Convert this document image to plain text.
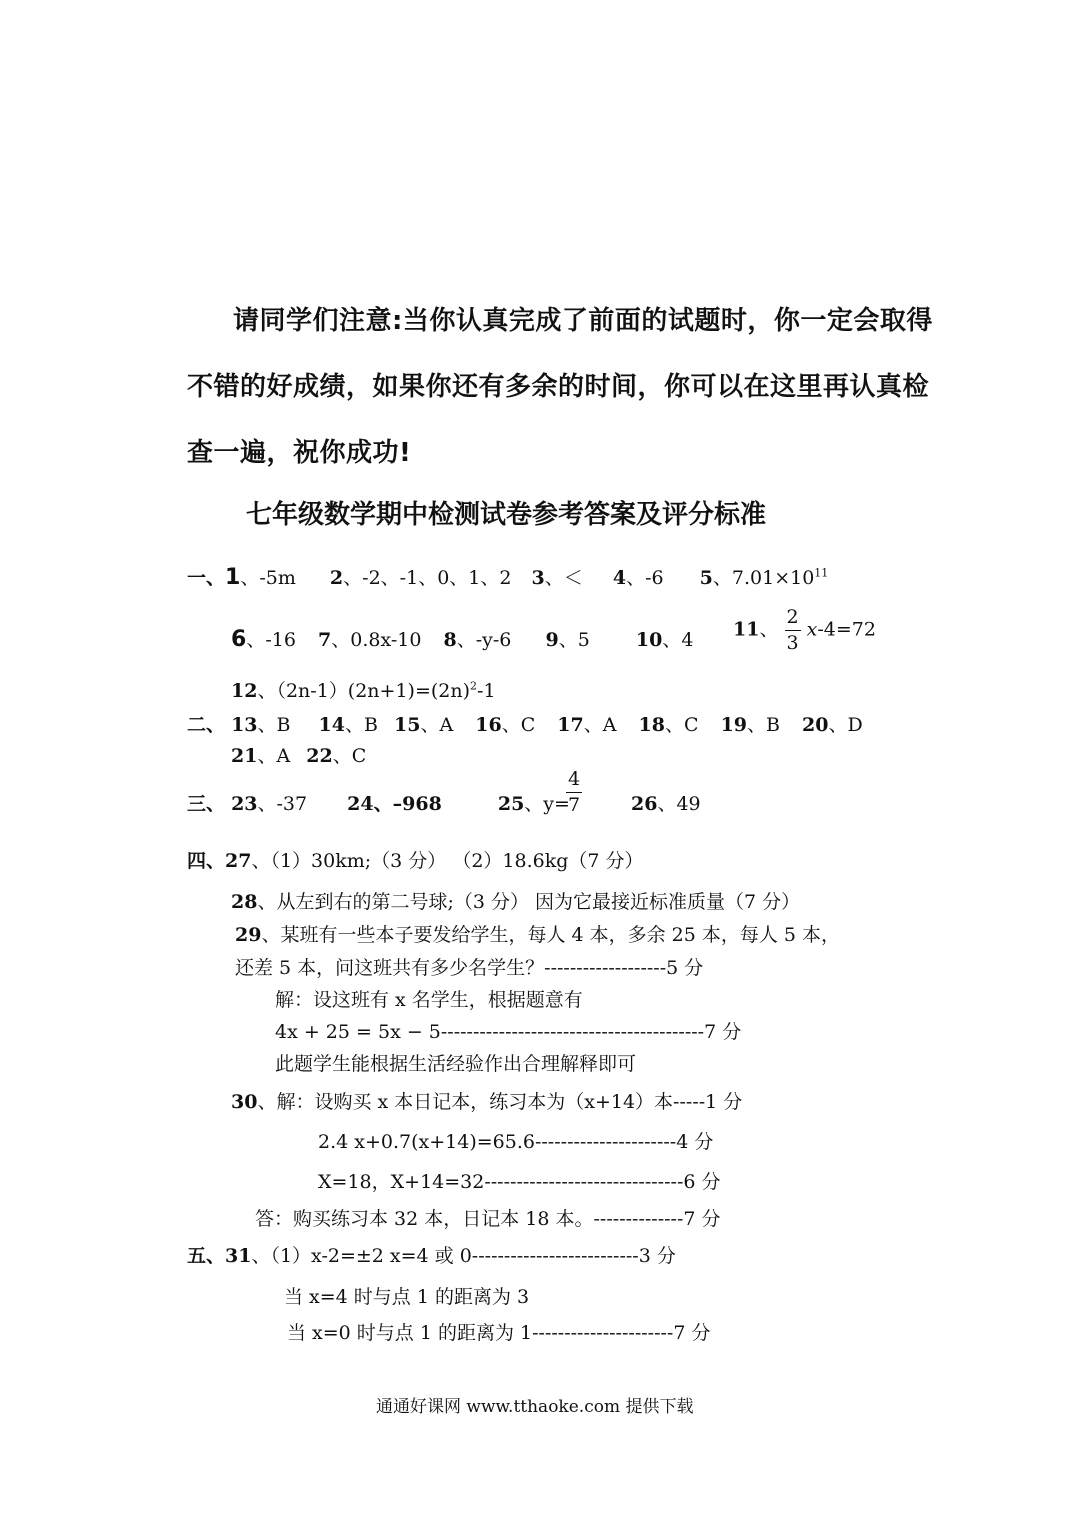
请同学们注意:当你认真完成了前面的试题时，你一定会取得
不错的好成绩，如果你还有多余的时间，你可以在这里再认真检
查一遍，祝你成功!
七年级数学期中检测试卷参考答案及评分标准
一、1、-5m 2、-2、-1、0、1、2 3、＜ 4、-6 5、$7.01\times 10^{11}$
6、-16 7、0.8x-10 8、-y-6 9、5 10、4 11、 $\frac{2}{3} x-4=72$
12、$(2n-1)(2n+1)=(2n)^2-1$
二、 13、B 14、B 15、A 16、C 17、A 18、C 19、B 20、D
21、A 22、C
三、 23、-37 24、–968	25、y=
$\frac{4}{7}$	26、49
四、27、（1）30km;（3 分） （2）18.6kg（7 分）
28、从左到右的第二号球;（3 分） 因为它最接近标准质量（7 分）
29、某班有一些本子要发给学生，每人 4 本，多余 25 本，每人 5 本，
还差 5 本，问这班共有多少名学生？-------------------5 分
解：设这班有 x 名学生，根据题意有
4x + 25 = 5x − 5-----------------------------------------7 分
此题学生能根据生活经验作出合理解释即可
30、解：设购买 x 本日记本，练习本为（x+14）本-----1 分
2.4 x+0.7(x+14)=65.6----------------------4 分
X=18，X+14=32-------------------------------6 分
答：购买练习本 32 本，日记本 18 本。--------------7 分
五、31、（1）x-2=±2 x=4 或 0--------------------------3 分
当 x=4 时与点 1 的距离为 3
当 x=0 时与点 1 的距离为 1----------------------7 分
通通好课网 www.tthaoke.com 提供下载
